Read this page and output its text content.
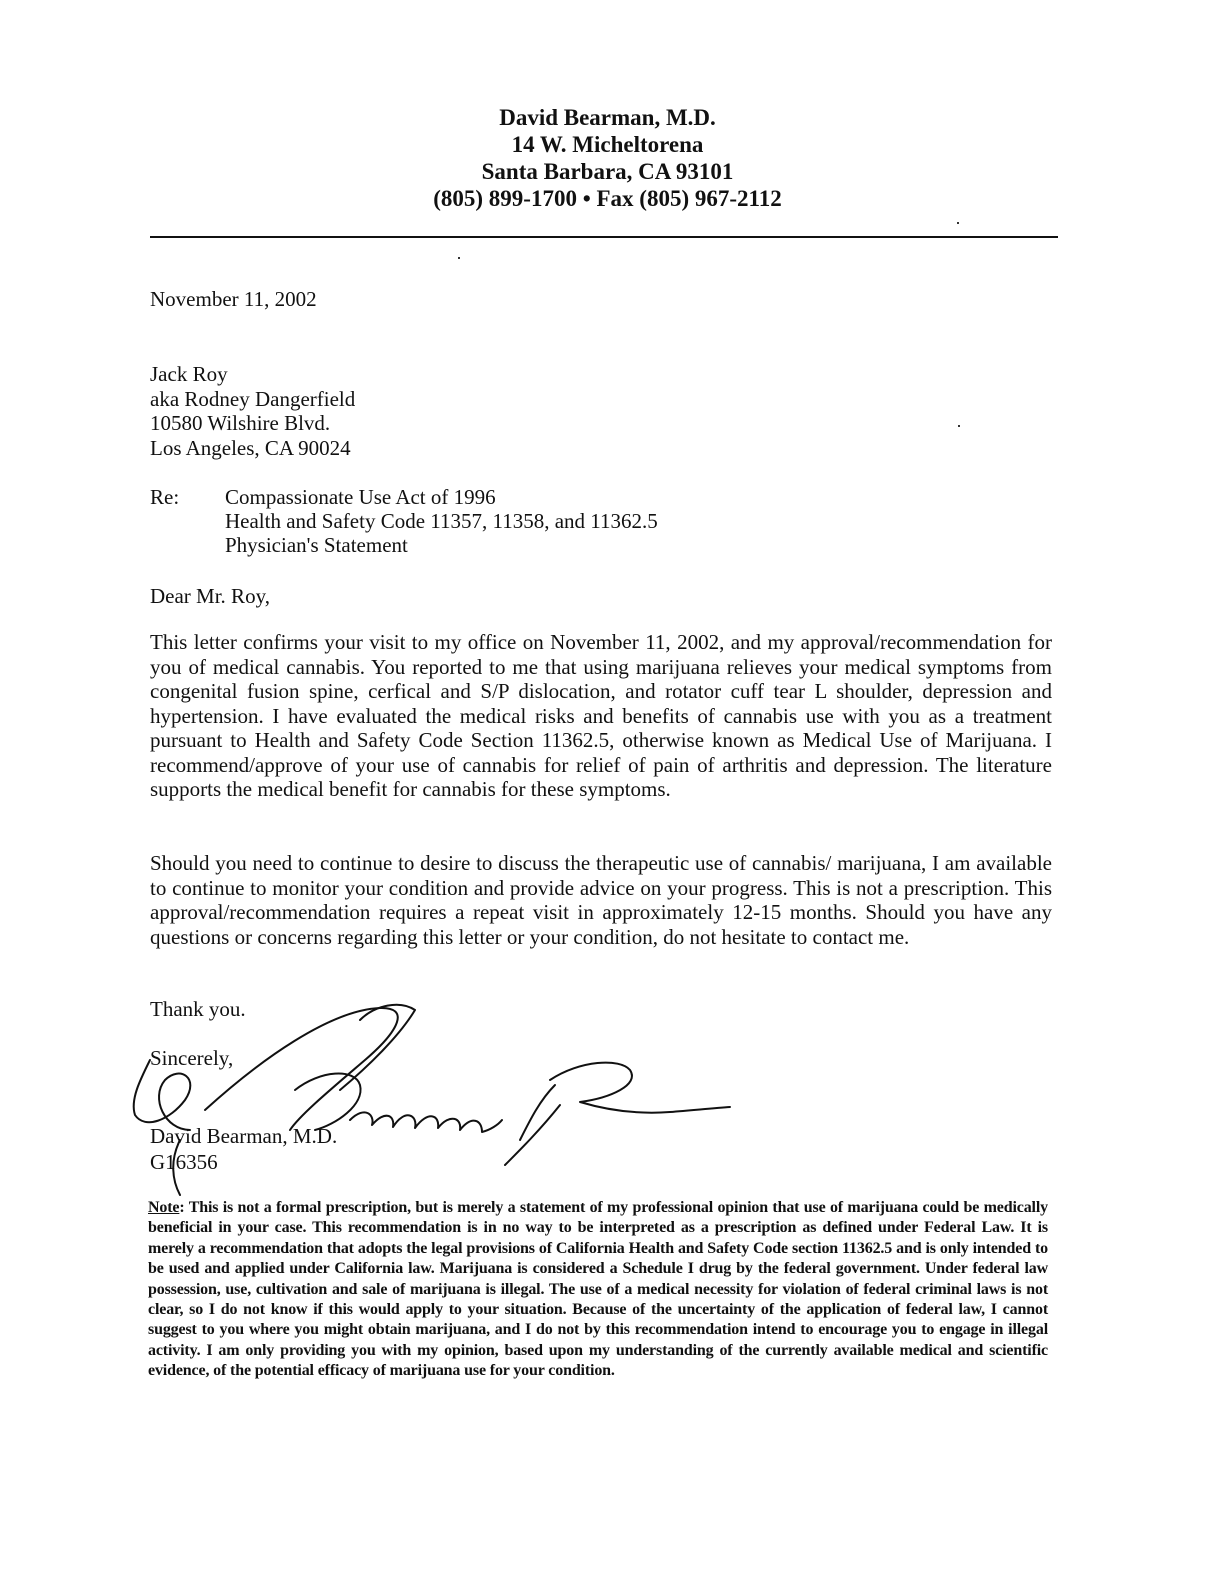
David Bearman, M.D.
14 W. Micheltorena
Santa Barbara, CA 93101
(805) 899-1700 • Fax (805) 967-2112
November 11, 2002
Jack Roy
aka Rodney Dangerfield
10580 Wilshire Blvd.
Los Angeles, CA 90024
Re: Compassionate Use Act of 1996
Health and Safety Code 11357, 11358, and 11362.5
Physician's Statement
Dear Mr. Roy,
This letter confirms your visit to my office on November 11, 2002, and my approval/recommendation for you of medical cannabis. You reported to me that using marijuana relieves your medical symptoms from congenital fusion spine, cerfical and S/P dislocation, and rotator cuff tear L shoulder, depression and hypertension. I have evaluated the medical risks and benefits of cannabis use with you as a treatment pursuant to Health and Safety Code Section 11362.5, otherwise known as Medical Use of Marijuana. I recommend/approve of your use of cannabis for relief of pain of arthritis and depression. The literature supports the medical benefit for cannabis for these symptoms.
Should you need to continue to desire to discuss the therapeutic use of cannabis/ marijuana, I am available to continue to monitor your condition and provide advice on your progress. This is not a prescription. This approval/recommendation requires a repeat visit in approximately 12-15 months. Should you have any questions or concerns regarding this letter or your condition, do not hesitate to contact me.
Thank you.
Sincerely,
David Bearman, M.D.
G16356
Note: This is not a formal prescription, but is merely a statement of my professional opinion that use of marijuana could be medically beneficial in your case. This recommendation is in no way to be interpreted as a prescription as defined under Federal Law. It is merely a recommendation that adopts the legal provisions of California Health and Safety Code section 11362.5 and is only intended to be used and applied under California law. Marijuana is considered a Schedule I drug by the federal government. Under federal law possession, use, cultivation and sale of marijuana is illegal. The use of a medical necessity for violation of federal criminal laws is not clear, so I do not know if this would apply to your situation. Because of the uncertainty of the application of federal law, I cannot suggest to you where you might obtain marijuana, and I do not by this recommendation intend to encourage you to engage in illegal activity. I am only providing you with my opinion, based upon my understanding of the currently available medical and scientific evidence, of the potential efficacy of marijuana use for your condition.
